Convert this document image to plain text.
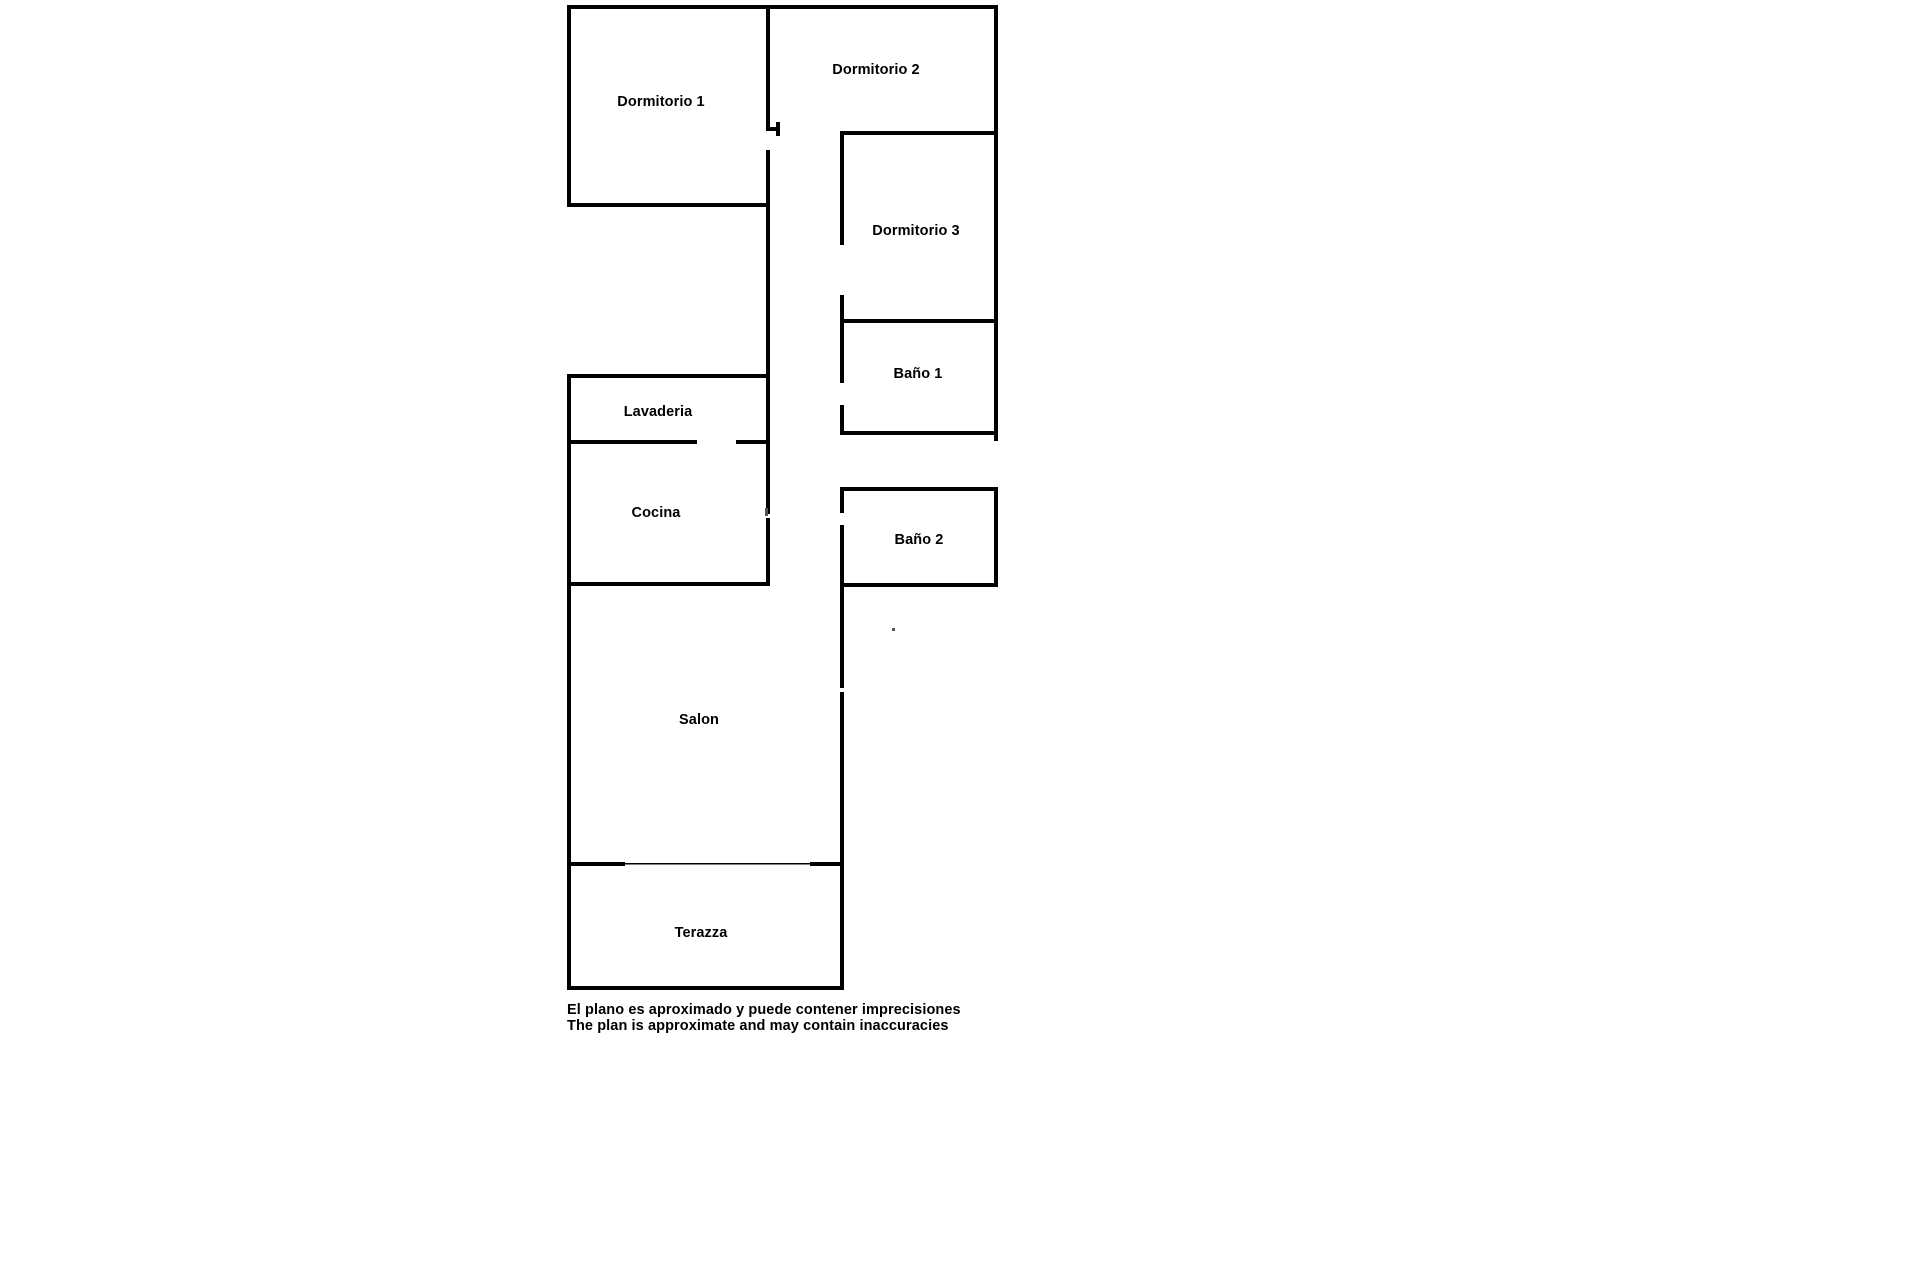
Dormitorio 1
Dormitorio 2
Dormitorio 3
Baño 1
Lavaderia
Cocina
Baño 2
Salon
Terazza
El plano es aproximado y puede contener imprecisiones
The plan is approximate and may contain inaccuracies
